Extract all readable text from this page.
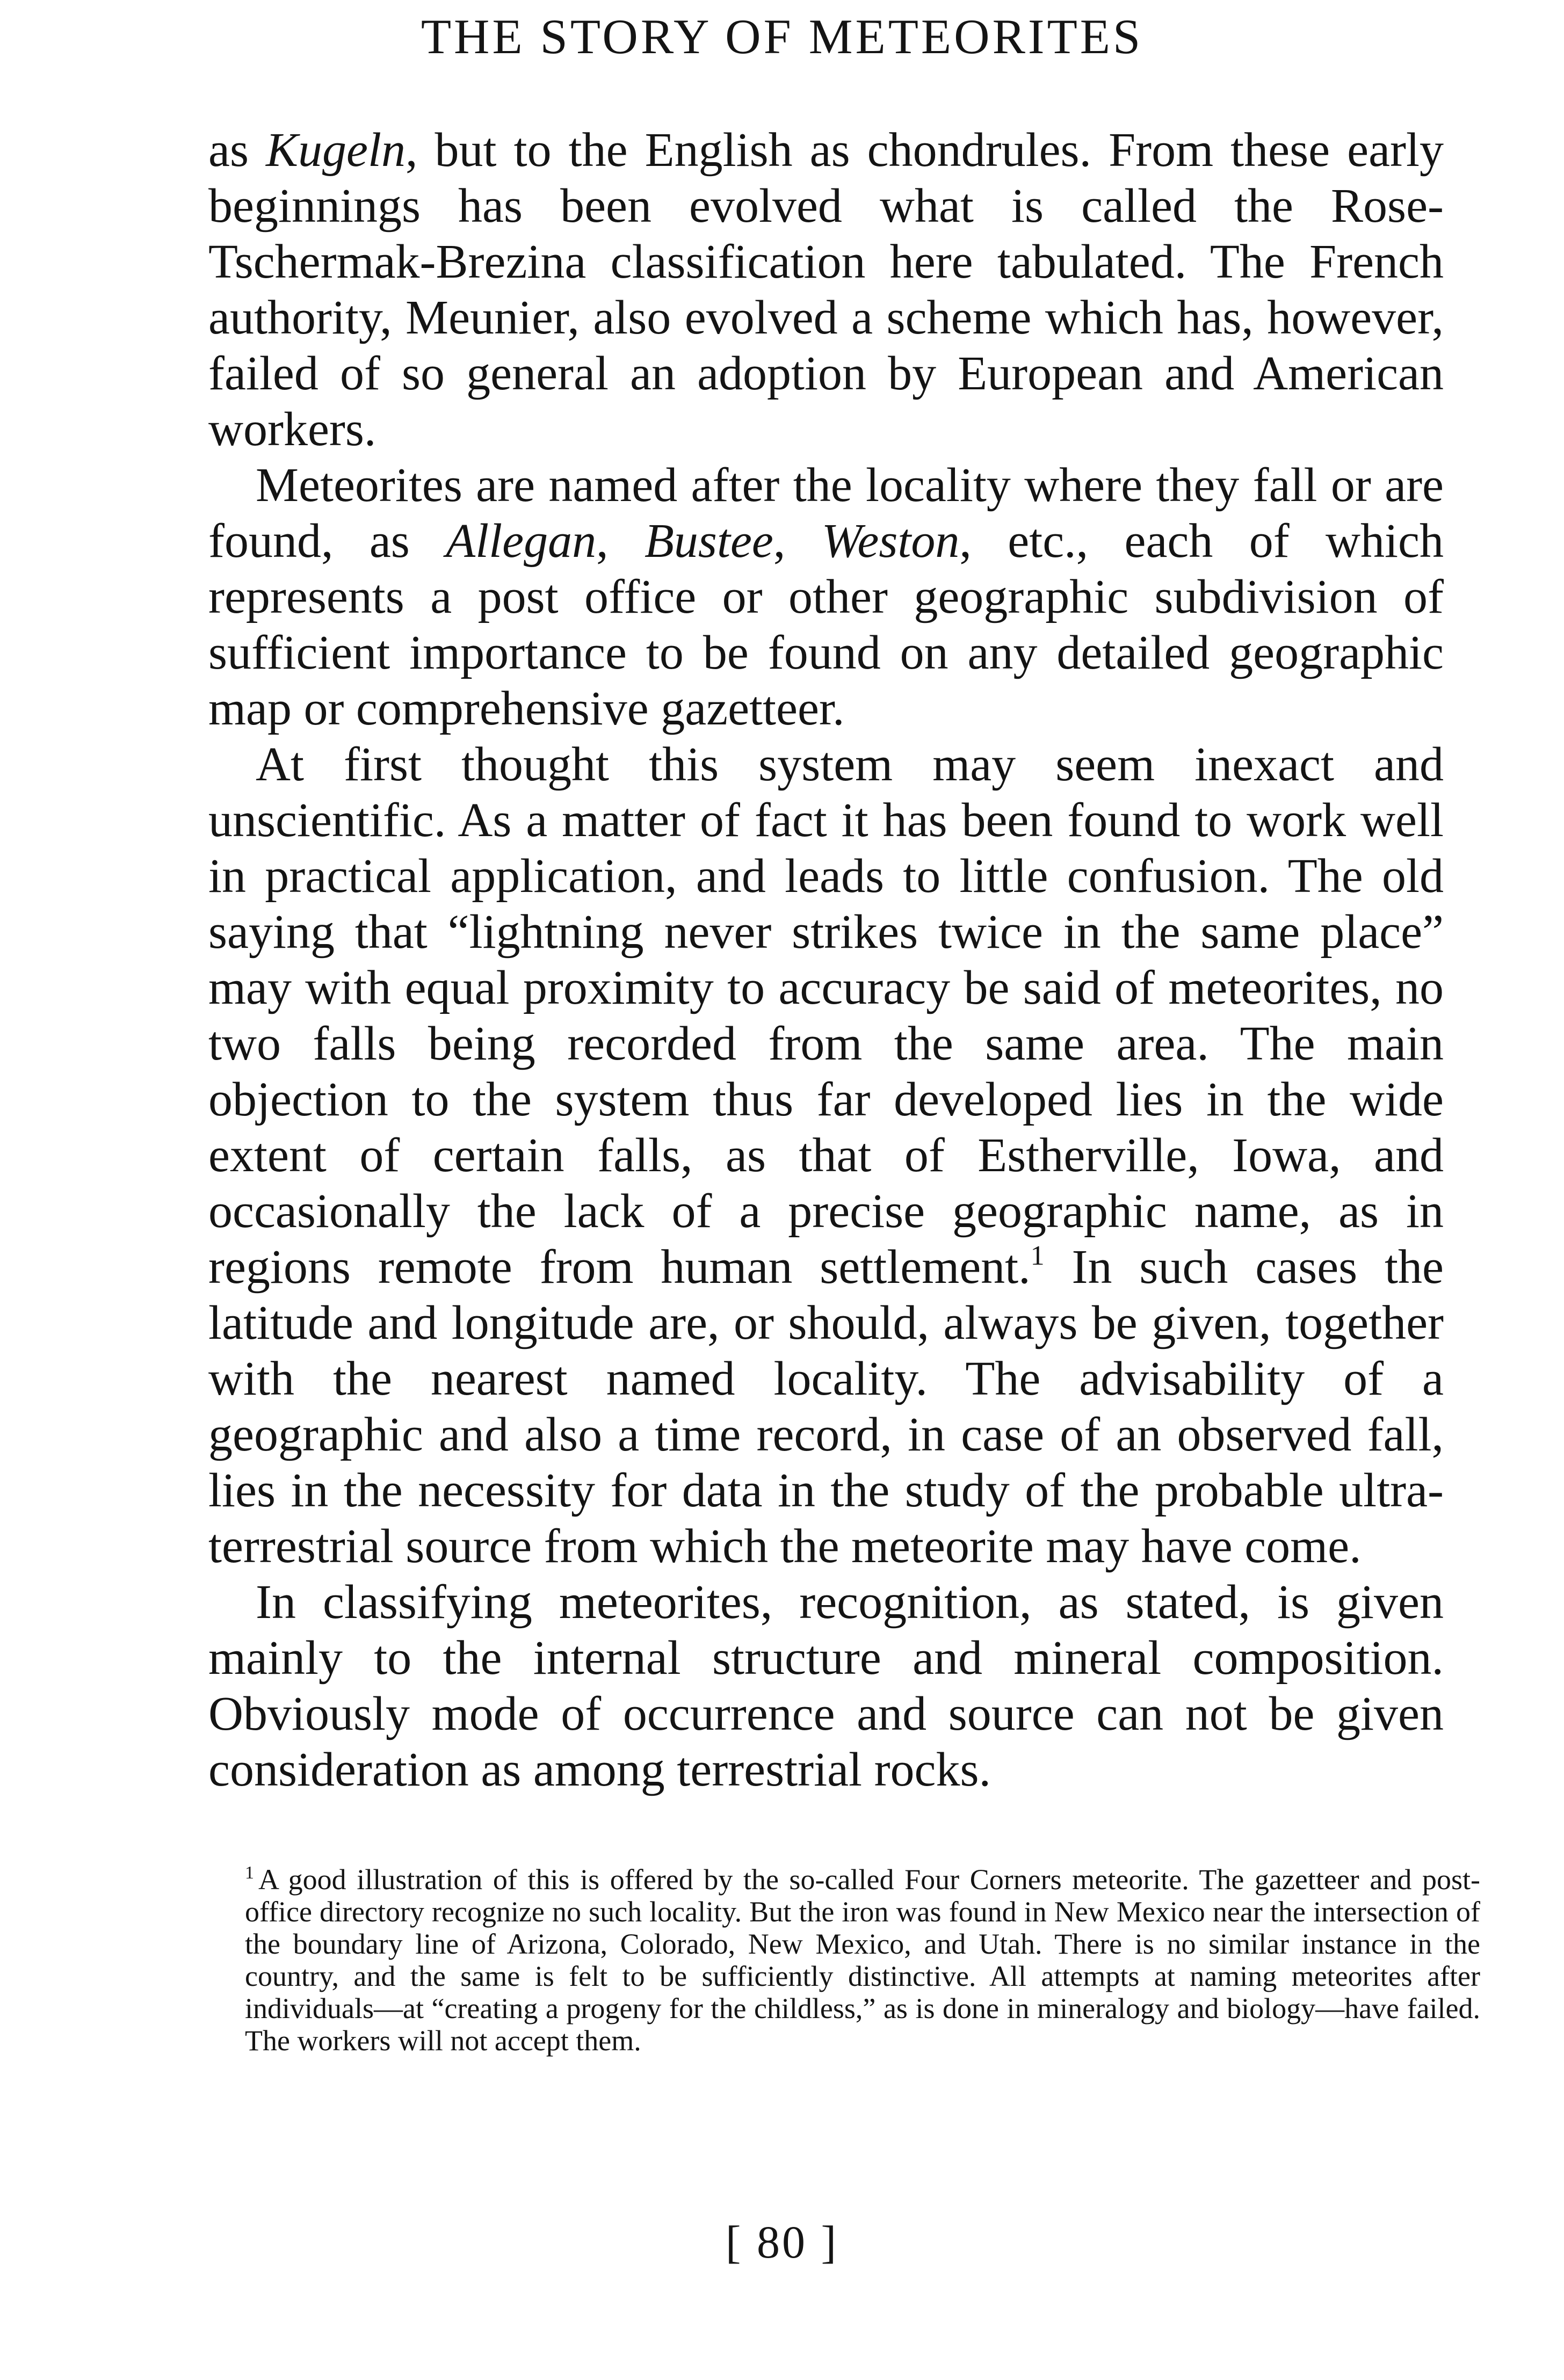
THE STORY OF METEORITES

as Kugeln, but to the English as chondrules. From these early beginnings has been evolved what is called the Rose-Tschermak-Brezina classification here tabulated. The French authority, Meunier, also evolved a scheme which has, however, failed of so general an adoption by European and American workers.

Meteorites are named after the locality where they fall or are found, as Allegan, Bustee, Weston, etc., each of which represents a post office or other geographic subdivision of sufficient importance to be found on any detailed geographic map or comprehensive gazetteer.

At first thought this system may seem inexact and unscientific. As a matter of fact it has been found to work well in practical application, and leads to little confusion. The old saying that “lightning never strikes twice in the same place” may with equal proximity to accuracy be said of meteorites, no two falls being recorded from the same area. The main objection to the system thus far developed lies in the wide extent of certain falls, as that of Estherville, Iowa, and occasionally the lack of a precise geographic name, as in regions remote from human settlement.$^1$ In such cases the latitude and longitude are, or should, always be given, together with the nearest named locality. The advisability of a geographic and also a time record, in case of an observed fall, lies in the necessity for data in the study of the probable ultra-terrestrial source from which the meteorite may have come.

In classifying meteorites, recognition, as stated, is given mainly to the internal structure and mineral composition. Obviously mode of occurrence and source can not be given consideration as among terrestrial rocks.

$^1$ A good illustration of this is offered by the so-called Four Corners meteorite. The gazetteer and post-office directory recognize no such locality. But the iron was found in New Mexico near the intersection of the boundary line of Arizona, Colorado, New Mexico, and Utah. There is no similar instance in the country, and the same is felt to be sufficiently distinctive. All attempts at naming meteorites after individuals—at “creating a progeny for the childless,” as is done in mineralogy and biology—have failed. The workers will not accept them.
[ 80 ]
